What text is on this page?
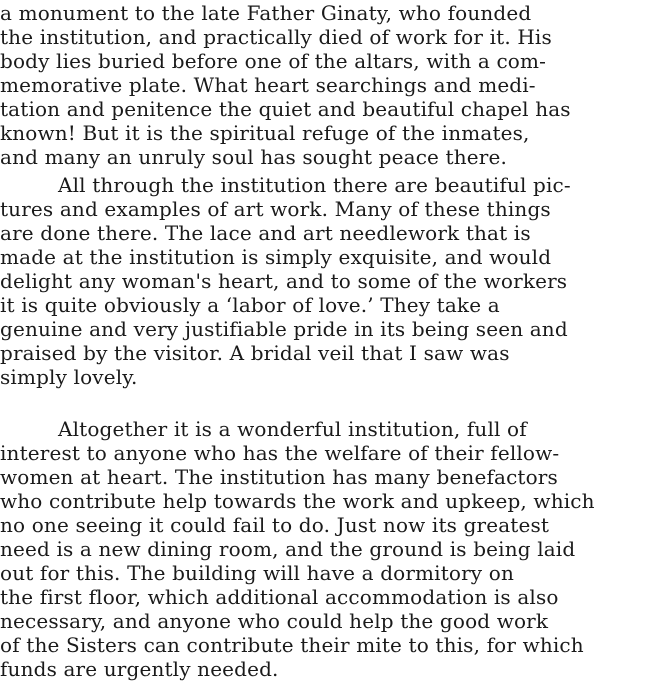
a monument to the late Father Ginaty, who founded
the institution, and practically died of work for it. His
body lies buried before one of the altars, with a com-
memorative plate. What heart searchings and medi-
tation and penitence the quiet and beautiful chapel has
known! But it is the spiritual refuge of the inmates,
and many an unruly soul has sought peace there.
All through the institution there are beautiful pic-
tures and examples of art work. Many of these things
are done there. The lace and art needlework that is
made at the institution is simply exquisite, and would
delight any woman's heart, and to some of the workers
it is quite obviously a ‘labor of love.’ They take a
genuine and very justifiable pride in its being seen and
praised by the visitor. A bridal veil that I saw was
simply lovely.
Altogether it is a wonderful institution, full of
interest to anyone who has the welfare of their fellow-
women at heart. The institution has many benefactors
who contribute help towards the work and upkeep, which
no one seeing it could fail to do. Just now its greatest
need is a new dining room, and the ground is being laid
out for this. The building will have a dormitory on
the first floor, which additional accommodation is also
necessary, and anyone who could help the good work
of the Sisters can contribute their mite to this, for which
funds are urgently needed.
